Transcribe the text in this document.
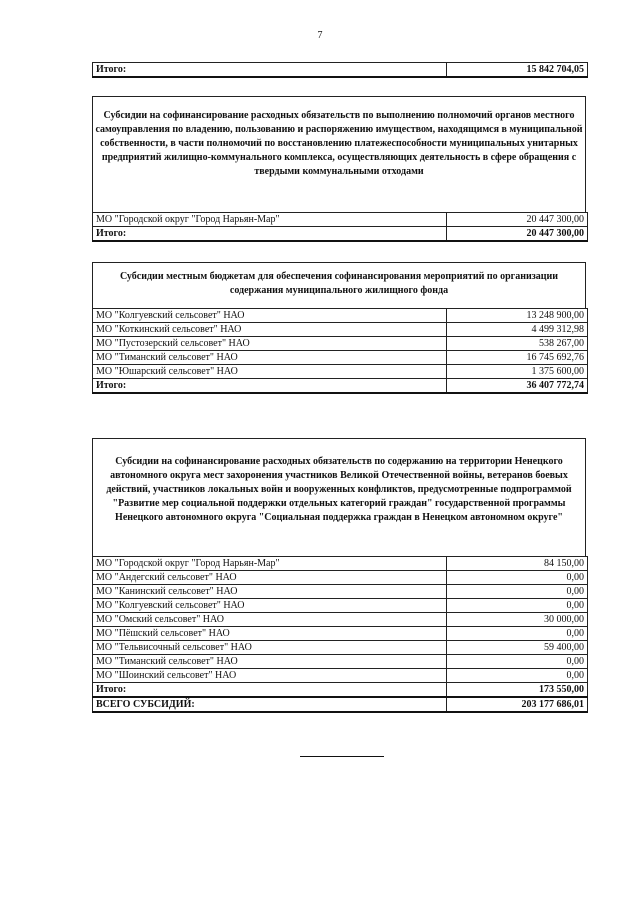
7
Итого:	15 842 704,05
Субсидии на софинансирование расходных обязательств по выполнению полномочий органов местного самоуправления по владению, пользованию и распоряжению имуществом, находящимся в муниципальной собственности, в части полномочий по восстановлению платежеспособности муниципальных унитарных предприятий жилищно-коммунального комплекса, осуществляющих деятельность в сфере обращения с твердыми коммунальными отходами
МО "Городской округ "Город Нарьян-Мар"	20 447 300,00
Итого:	20 447 300,00
Субсидии местным бюджетам для обеспечения софинансирования мероприятий по организации содержания муниципального жилищного фонда
МО "Колгуевский сельсовет" НАО	13 248 900,00
МО "Коткинский сельсовет" НАО	4 499 312,98
МО "Пустозерский сельсовет" НАО	538 267,00
МО "Тиманский сельсовет" НАО	16 745 692,76
МО "Юшарский сельсовет" НАО	1 375 600,00
Итого:	36 407 772,74
Субсидии на софинансирование расходных обязательств по содержанию на территории Ненецкого автономного округа мест захоронения участников Великой Отечественной войны, ветеранов боевых действий, участников локальных войн и вооруженных конфликтов, предусмотренные подпрограммой "Развитие мер социальной поддержки отдельных категорий граждан" государственной программы Ненецкого автономного округа "Социальная поддержка граждан в Ненецком автономном округе"
МО "Городской округ "Город Нарьян-Мар"	84 150,00
МО "Андегский сельсовет" НАО	0,00
МО "Канинский сельсовет" НАО	0,00
МО "Колгуевский сельсовет" НАО	0,00
МО "Омский сельсовет" НАО	30 000,00
МО "Пёшский сельсовет" НАО	0,00
МО "Тельвисочный сельсовет" НАО	59 400,00
МО "Тиманский сельсовет" НАО	0,00
МО "Шоинский сельсовет" НАО	0,00
Итого:	173 550,00
ВСЕГО СУБСИДИЙ:	203 177 686,01
